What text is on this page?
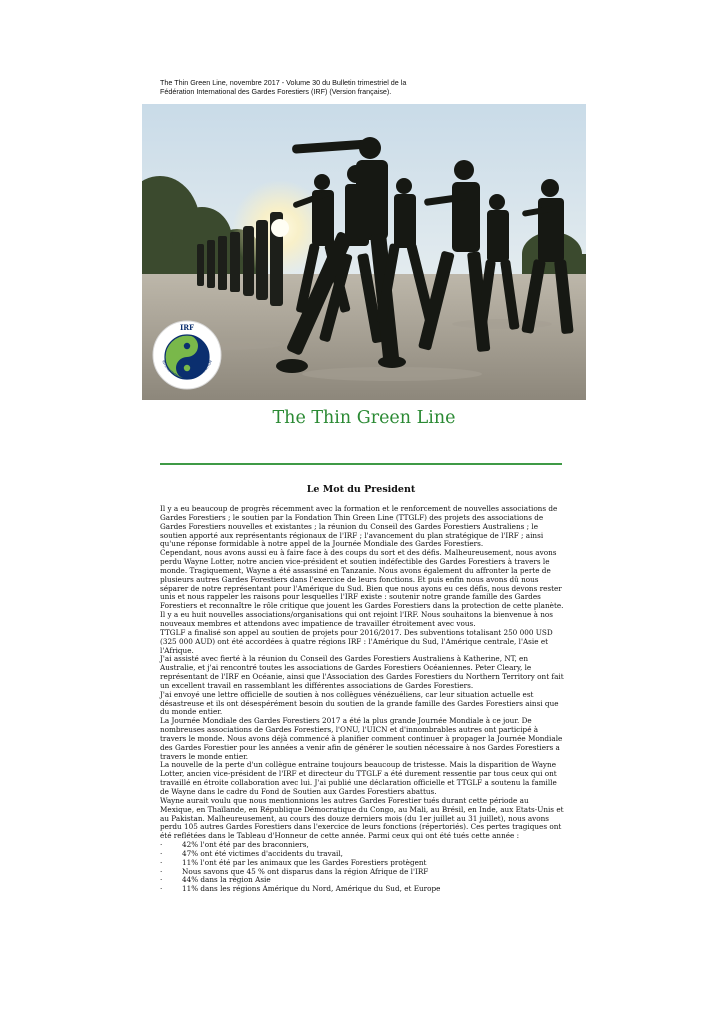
The Thin Green Line, novembre 2017 - Volume 30 du Bulletin trimestriel de la
Fédération International des Gardes Forestiers (IRF) (Version française).
IRF
INTERNATIONAL RANGER FEDERATION
The Thin Green Line
Le Mot du President

Il y a eu beaucoup de progrès récemment avec la formation et le renforcement de nouvelles associations de Gardes Forestiers ; le soutien par la Fondation Thin Green Line (TTGLF) des projets des associations de Gardes Forestiers nouvelles et existantes ; la réunion du Conseil des Gardes Forestiers Australiens ; le soutien apporté aux représentants régionaux de l'IRF ; l'avancement du plan stratégique de l'IRF ; ainsi qu'une réponse formidable à notre appel de la Journée Mondiale des Gardes Forestiers.

Cependant, nous avons aussi eu à faire face à des coups du sort et des défis. Malheureusement, nous avons perdu Wayne Lotter, notre ancien vice-président et soutien indéfectible des Gardes Forestiers à travers le monde. Tragiquement, Wayne a été assassiné en Tanzanie. Nous avons également du affronter la perte de plusieurs autres Gardes Forestiers dans l'exercice de leurs fonctions. Et puis enfin nous avons dû nous séparer de notre représentant pour l'Amérique du Sud. Bien que nous ayons eu ces défis, nous devons rester unis et nous rappeler les raisons pour lesquelles l'IRF existe : soutenir notre grande famille des Gardes Forestiers et reconnaître le rôle critique que jouent les Gardes Forestiers dans la protection de cette planète.

Il y a eu huit nouvelles associations/organisations qui ont rejoint l'IRF. Nous souhaitons la bienvenue à nos nouveaux membres et attendons avec impatience de travailler étroitement avec vous.

TTGLF a finalisé son appel au soutien de projets pour 2016/2017. Des subventions totalisant 250 000 USD (325 000 AUD) ont été accordées à quatre régions IRF : l'Amérique du Sud, l'Amérique centrale, l'Asie et l'Afrique.

J'ai assisté avec fierté à la réunion du Conseil des Gardes Forestiers Australiens à Katherine, NT, en Australie, et j'ai rencontré toutes les associations de Gardes Forestiers Océaniennes. Peter Cleary, le représentant de l'IRF en Océanie, ainsi que l'Association des Gardes Forestiers du Northern Territory ont fait un excellent travail en rassemblant les différentes associations de Gardes Forestiers.

J'ai envoyé une lettre officielle de soutien à nos collègues vénézuéliens, car leur situation actuelle est désastreuse et ils ont désespérément besoin du soutien de la grande famille des Gardes Forestiers ainsi que du monde entier.

La Journée Mondiale des Gardes Forestiers 2017 a été la plus grande Journée Mondiale à ce jour. De nombreuses associations de Gardes Forestiers, l'ONU, l'UICN et d'innombrables autres ont participé à travers le monde. Nous avons déjà commencé à planifier comment continuer à propager la Journée Mondiale des Gardes Forestier pour les années a venir afin de générer le soutien nécessaire à nos Gardes Forestiers a travers le monde entier.

La nouvelle de la perte d'un collègue entraine toujours beaucoup de tristesse. Mais la disparition de Wayne Lotter, ancien vice-président de l'IRF et directeur du TTGLF a été durement ressentie par tous ceux qui ont travaillé en étroite collaboration avec lui. J'ai publié une déclaration officielle et TTGLF a soutenu la famille de Wayne dans le cadre du Fond de Soutien aux Gardes Forestiers abattus.

Wayne aurait voulu que nous mentionnions les autres Gardes Forestier tués durant cette période au Mexique, en Thaïlande, en République Démocratique du Congo, au Mali, au Brésil, en Inde, aux Etats-Unis et au Pakistan. Malheureusement, au cours des douze derniers mois (du 1er juillet au 31 juillet), nous avons perdu 105 autres Gardes Forestiers dans l'exercice de leurs fonctions (répertoriés). Ces pertes tragiques ont été reflétées dans le Tableau d'Honneur de cette année. Parmi ceux qui ont été tués cette année :

·	42% l'ont été par des braconniers,
·	47% ont été victimes d'accidents du travail,
·	11% l'ont été par les animaux que les Gardes Forestiers protègent
·	Nous savons que 45 % ont disparus dans la région Afrique de l'IRF
·	44% dans la région Asie
·	11% dans les régions Amérique du Nord, Amérique du Sud, et Europe
